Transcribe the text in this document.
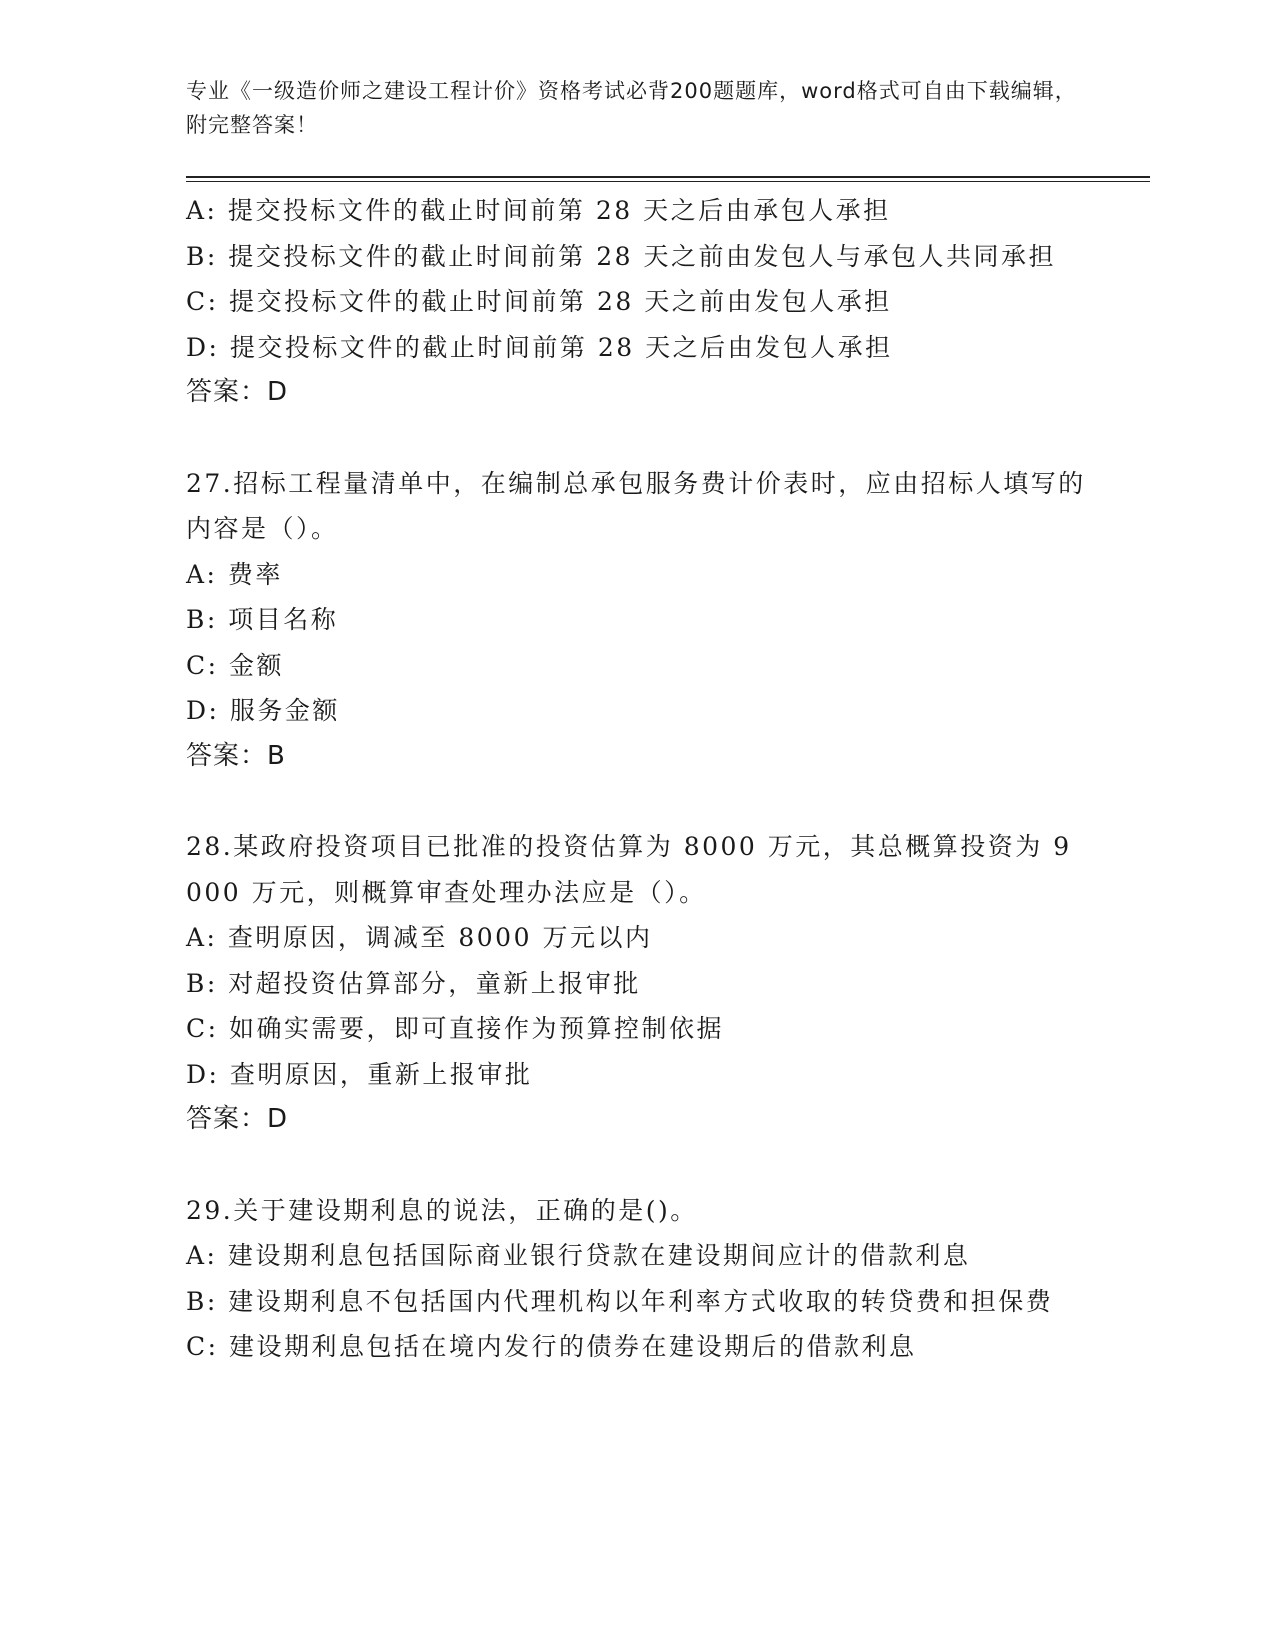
专业《一级造价师之建设工程计价》资格考试必背200题题库，word格式可自由下载编辑，附完整答案！
A: 提交投标文件的截止时间前第 28 天之后由承包人承担
B: 提交投标文件的截止时间前第 28 天之前由发包人与承包人共同承担
C: 提交投标文件的截止时间前第 28 天之前由发包人承担
D: 提交投标文件的截止时间前第 28 天之后由发包人承担
答案：D
27.招标工程量清单中，在编制总承包服务费计价表时，应由招标人填写的内容是（）。
A: 费率
B: 项目名称
C: 金额
D: 服务金额
答案：B
28.某政府投资项目已批准的投资估算为 8000 万元，其总概算投资为 9000 万元，则概算审查处理办法应是（）。
A: 查明原因，调减至 8000 万元以内
B: 对超投资估算部分，童新上报审批
C: 如确实需要，即可直接作为预算控制依据
D: 查明原因，重新上报审批
答案：D
29.关于建设期利息的说法，正确的是()。
A: 建设期利息包括国际商业银行贷款在建设期间应计的借款利息
B: 建设期利息不包括国内代理机构以年利率方式收取的转贷费和担保费
C: 建设期利息包括在境内发行的债券在建设期后的借款利息
